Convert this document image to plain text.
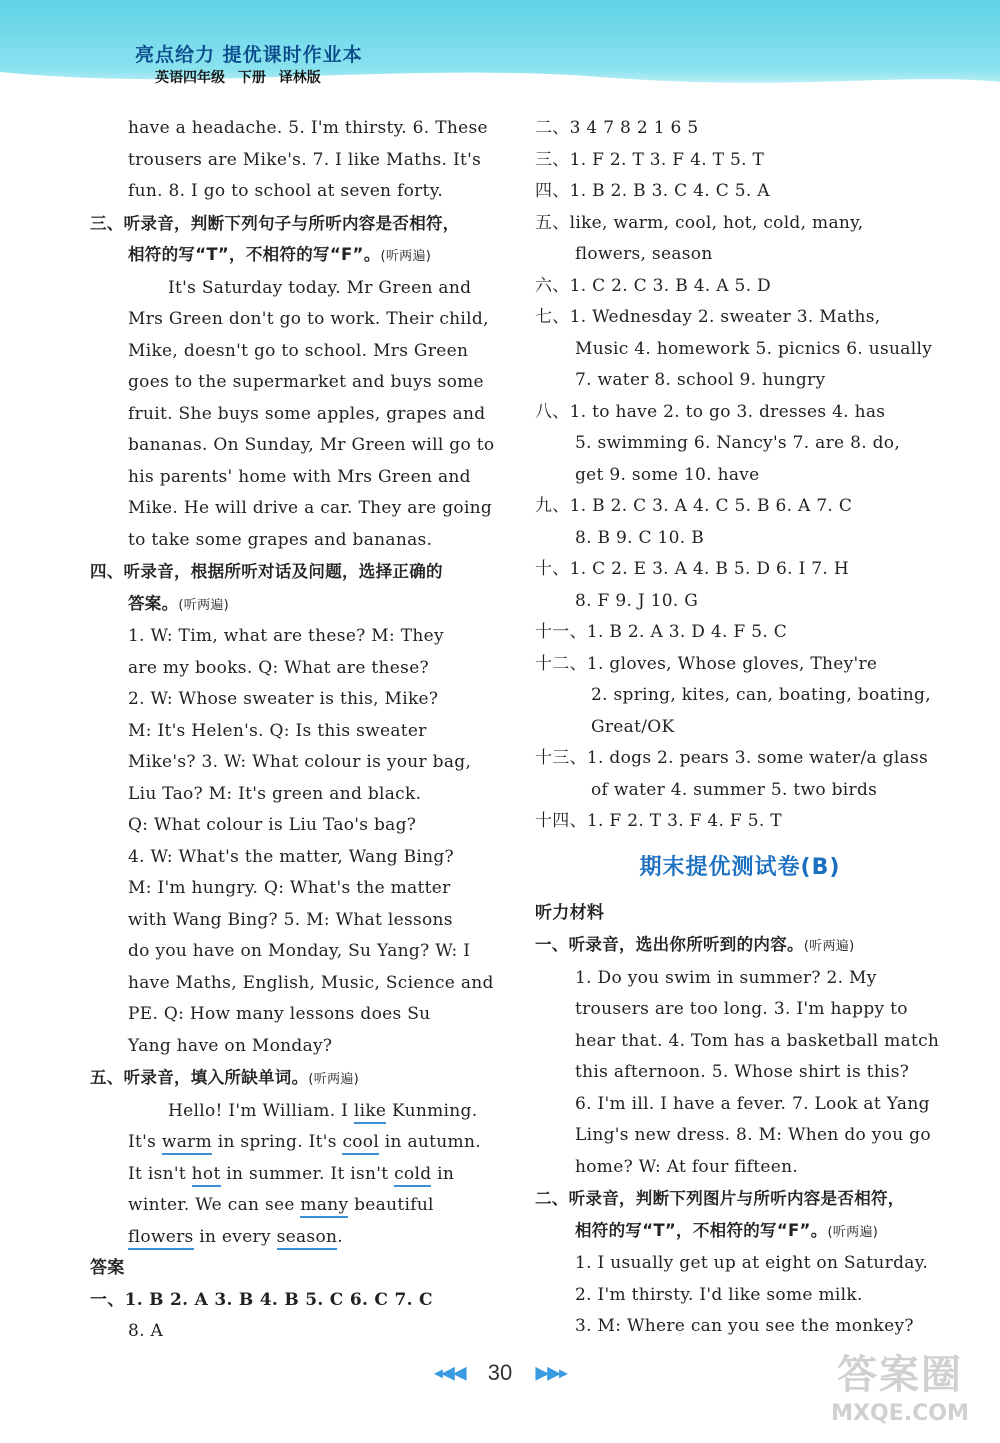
亮点给力 提优课时作业本
英语四年级 下册 译林版
have a headache. 5. I'm thirsty. 6. These
trousers are Mike's. 7. I like Maths. It's
fun. 8. I go to school at seven forty.
三、听录音，判断下列句子与所听内容是否相符，
相符的写“T”，不相符的写“F”。(听两遍)
It's Saturday today. Mr Green and
Mrs Green don't go to work. Their child,
Mike, doesn't go to school. Mrs Green
goes to the supermarket and buys some
fruit. She buys some apples, grapes and
bananas. On Sunday, Mr Green will go to
his parents' home with Mrs Green and
Mike. He will drive a car. They are going
to take some grapes and bananas.
四、听录音，根据所听对话及问题，选择正确的
答案。(听两遍)
1. W: Tim, what are these? M: They
are my books. Q: What are these?
2. W: Whose sweater is this, Mike?
M: It's Helen's. Q: Is this sweater
Mike's? 3. W: What colour is your bag,
Liu Tao? M: It's green and black.
Q: What colour is Liu Tao's bag?
4. W: What's the matter, Wang Bing?
M: I'm hungry. Q: What's the matter
with Wang Bing? 5. M: What lessons
do you have on Monday, Su Yang? W: I
have Maths, English, Music, Science and
PE. Q: How many lessons does Su
Yang have on Monday?
五、听录音，填入所缺单词。(听两遍)
Hello! I'm William. I like Kunming.
It's warm in spring. It's cool in autumn.
It isn't hot in summer. It isn't cold in
winter. We can see many beautiful
flowers in every season.
答案
一、1. B 2. A 3. B 4. B 5. C 6. C 7. C
8. A
二、3 4 7 8 2 1 6 5
三、1. F 2. T 3. F 4. T 5. T
四、1. B 2. B 3. C 4. C 5. A
五、like, warm, cool, hot, cold, many,
flowers, season
六、1. C 2. C 3. B 4. A 5. D
七、1. Wednesday 2. sweater 3. Maths,
Music 4. homework 5. picnics 6. usually
7. water 8. school 9. hungry
八、1. to have 2. to go 3. dresses 4. has
5. swimming 6. Nancy's 7. are 8. do,
get 9. some 10. have
九、1. B 2. C 3. A 4. C 5. B 6. A 7. C
8. B 9. C 10. B
十、1. C 2. E 3. A 4. B 5. D 6. I 7. H
8. F 9. J 10. G
十一、1. B 2. A 3. D 4. F 5. C
十二、1. gloves, Whose gloves, They're
2. spring, kites, can, boating, boating,
Great/OK
十三、1. dogs 2. pears 3. some water/a glass
of water 4. summer 5. two birds
十四、1. F 2. T 3. F 4. F 5. T
期末提优测试卷(B)
听力材料
一、听录音，选出你所听到的内容。(听两遍)
1. Do you swim in summer? 2. My
trousers are too long. 3. I'm happy to
hear that. 4. Tom has a basketball match
this afternoon. 5. Whose shirt is this?
6. I'm ill. I have a fever. 7. Look at Yang
Ling's new dress. 8. M: When do you go
home? W: At four fifteen.
二、听录音，判断下列图片与所听内容是否相符，
相符的写“T”，不相符的写“F”。(听两遍)
1. I usually get up at eight on Saturday.
2. I'm thirsty. I'd like some milk.
3. M: Where can you see the monkey?
◂◀◀ 30 ▶▶▸	答案圈
MXQE.COM
